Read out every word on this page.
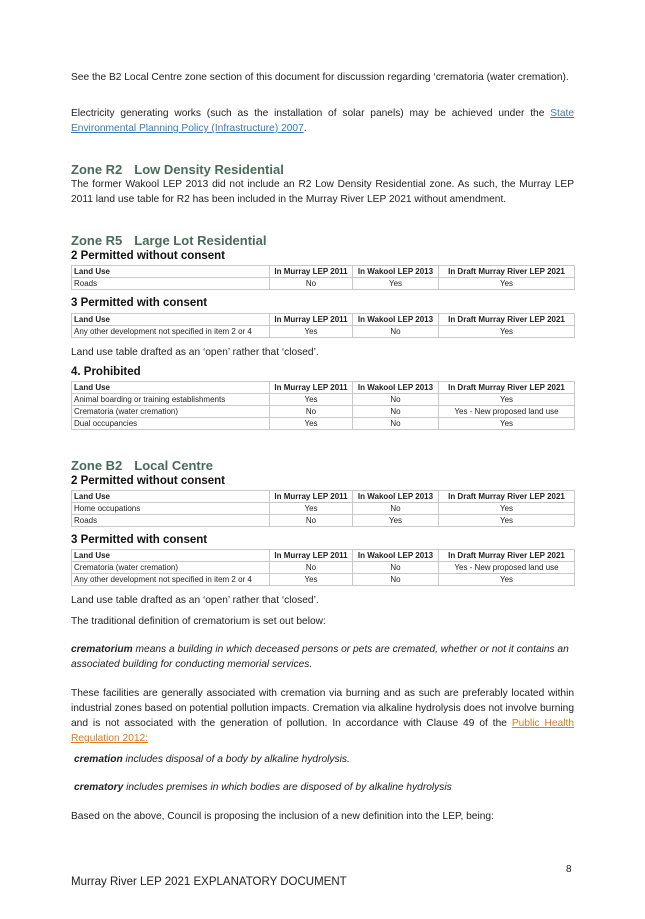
See the B2 Local Centre zone section of this document for discussion regarding ‘crematoria (water cremation).

Electricity generating works (such as the installation of solar panels) may be achieved under the State Environmental Planning Policy (Infrastructure) 2007.

Zone R2 Low Density Residential

The former Wakool LEP 2013 did not include an R2 Low Density Residential zone. As such, the Murray LEP 2011 land use table for R2 has been included in the Murray River LEP 2021 without amendment.

Zone R5 Large Lot Residential
2 Permitted without consent
Land Use	In Murray LEP 2011	In Wakool LEP 2013	In Draft Murray River LEP 2021
Roads	No	Yes	Yes
3 Permitted with consent
Land Use	In Murray LEP 2011	In Wakool LEP 2013	In Draft Murray River LEP 2021
Any other development not specified in item 2 or 4	Yes	No	Yes

Land use table drafted as an ‘open’ rather that ‘closed’.

4. Prohibited
Land Use	In Murray LEP 2011	In Wakool LEP 2013	In Draft Murray River LEP 2021
Animal boarding or training establishments	Yes	No	Yes
Crematoria (water cremation)	No	No	Yes - New proposed land use
Dual occupancies	Yes	No	Yes
Zone B2 Local Centre
2 Permitted without consent
Land Use	In Murray LEP 2011	In Wakool LEP 2013	In Draft Murray River LEP 2021
Home occupations	Yes	No	Yes
Roads	No	Yes	Yes
3 Permitted with consent
Land Use	In Murray LEP 2011	In Wakool LEP 2013	In Draft Murray River LEP 2021
Crematoria (water cremation)	No	No	Yes - New proposed land use
Any other development not specified in item 2 or 4	Yes	No	Yes

Land use table drafted as an ‘open’ rather that ‘closed’.

The traditional definition of crematorium is set out below:

crematorium means a building in which deceased persons or pets are cremated, whether or not it contains an associated building for conducting memorial services.

These facilities are generally associated with cremation via burning and as such are preferably located within industrial zones based on potential pollution impacts. Cremation via alkaline hydrolysis does not involve burning and is not associated with the generation of pollution. In accordance with Clause 49 of the Public Health Regulation 2012:

cremation includes disposal of a body by alkaline hydrolysis.

crematory includes premises in which bodies are disposed of by alkaline hydrolysis

Based on the above, Council is proposing the inclusion of a new definition into the LEP, being:

8

Murray River LEP 2021 EXPLANATORY DOCUMENT
